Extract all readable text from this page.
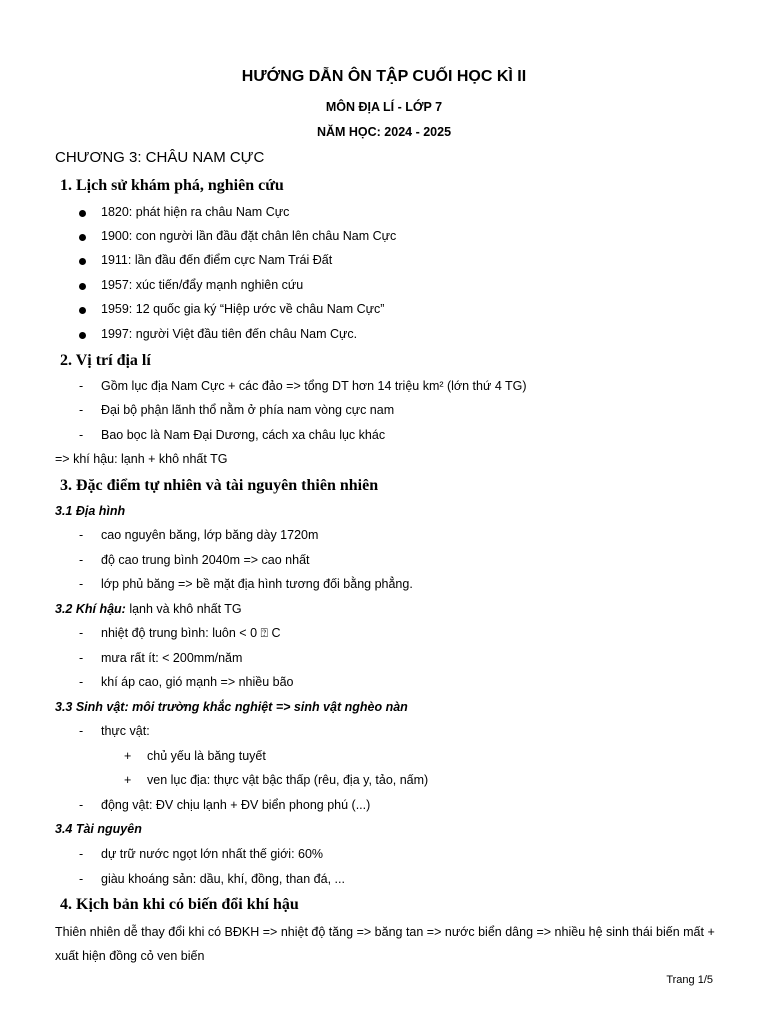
HƯỚNG DẪN ÔN TẬP CUỐI HỌC KÌ II
MÔN ĐỊA LÍ - LỚP 7
NĂM HỌC: 2024 - 2025
CHƯƠNG 3: CHÂU NAM CỰC
1. Lịch sử khám phá, nghiên cứu
1820: phát hiện ra châu Nam Cực
1900: con người lần đầu đặt chân lên châu Nam Cực
1911: lần đầu đến điểm cực Nam Trái Đất
1957: xúc tiến/đẩy mạnh nghiên cứu
1959: 12 quốc gia ký “Hiệp ước về châu Nam Cực”
1997: người Việt đầu tiên đến châu Nam Cực.
2. Vị trí địa lí
- Gồm lục địa Nam Cực + các đảo => tổng DT hơn 14 triệu km² (lớn thứ 4 TG)
- Đại bộ phận lãnh thổ nằm ở phía nam vòng cực nam
- Bao bọc là Nam Đại Dương, cách xa châu lục khác
=> khí hậu: lạnh + khô nhất TG
3. Đặc điểm tự nhiên và tài nguyên thiên nhiên
3.1 Địa hình
- cao nguyên băng, lớp băng dày 1720m
- độ cao trung bình 2040m => cao nhất
- lớp phủ băng => bề mặt địa hình tương đối bằng phẳng.
3.2 Khí hậu: lạnh và khô nhất TG
- nhiệt độ trung bình: luôn < 0 ⍰ C
- mưa rất ít: < 200mm/năm
- khí áp cao, gió mạnh => nhiều bão
3.3 Sinh vật: môi trường khắc nghiệt => sinh vật nghèo nàn
- thực vật:
+ chủ yếu là băng tuyết
+ ven lục địa: thực vật bậc thấp (rêu, địa y, tảo, nấm)
- động vật: ĐV chịu lạnh + ĐV biển phong phú (...)
3.4 Tài nguyên
- dự trữ nước ngọt lớn nhất thế giới: 60%
- giàu khoáng sản: dầu, khí, đồng, than đá, ...
4. Kịch bản khi có biến đổi khí hậu
Thiên nhiên dễ thay đổi khi có BĐKH => nhiệt độ tăng => băng tan => nước biển dâng => nhiều hệ sinh thái biến mất + xuất hiện đồng cỏ ven biến
Trang 1/5
